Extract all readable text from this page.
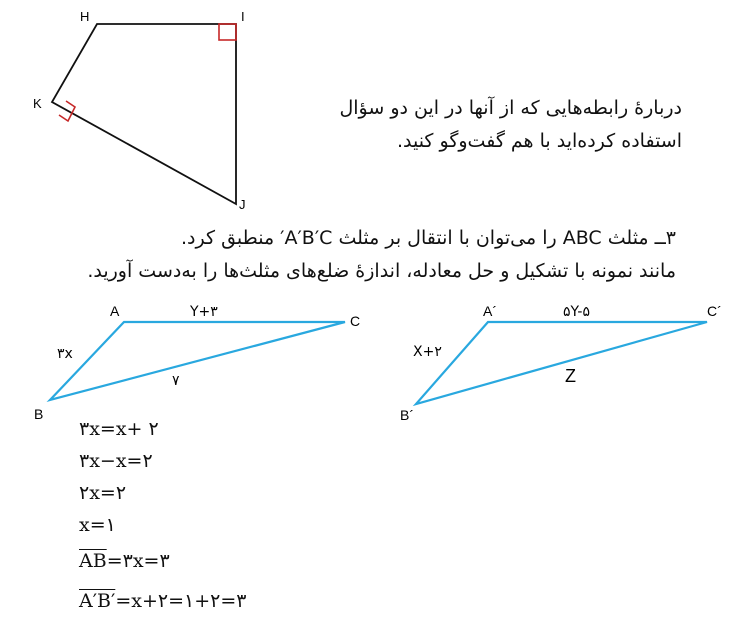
H	I
K
J
A
B
C
Y+۳
۳x
۷
A´
B´
C´
۵Y-۵
X+۲
Z
دربارهٔ رابطه‌هایی که از آنها در این دو سؤال
استفاده کرده‌اید با هم گفت‌وگو کنید.
۳ــ مثلث ABC را می‌توان با انتقال بر مثلث A′B′C′ منطبق کرد.
مانند نمونه با تشکیل و حل معادله، اندازهٔ ضلع‌های مثلث‌ها را به‌دست آورید.
۳x=x+ ۲
۳x−x=۲
۲x=۲
x=۱
$\overline{AB}=۳x=۳$
A′B′=x+۲=۱+۲=۳
